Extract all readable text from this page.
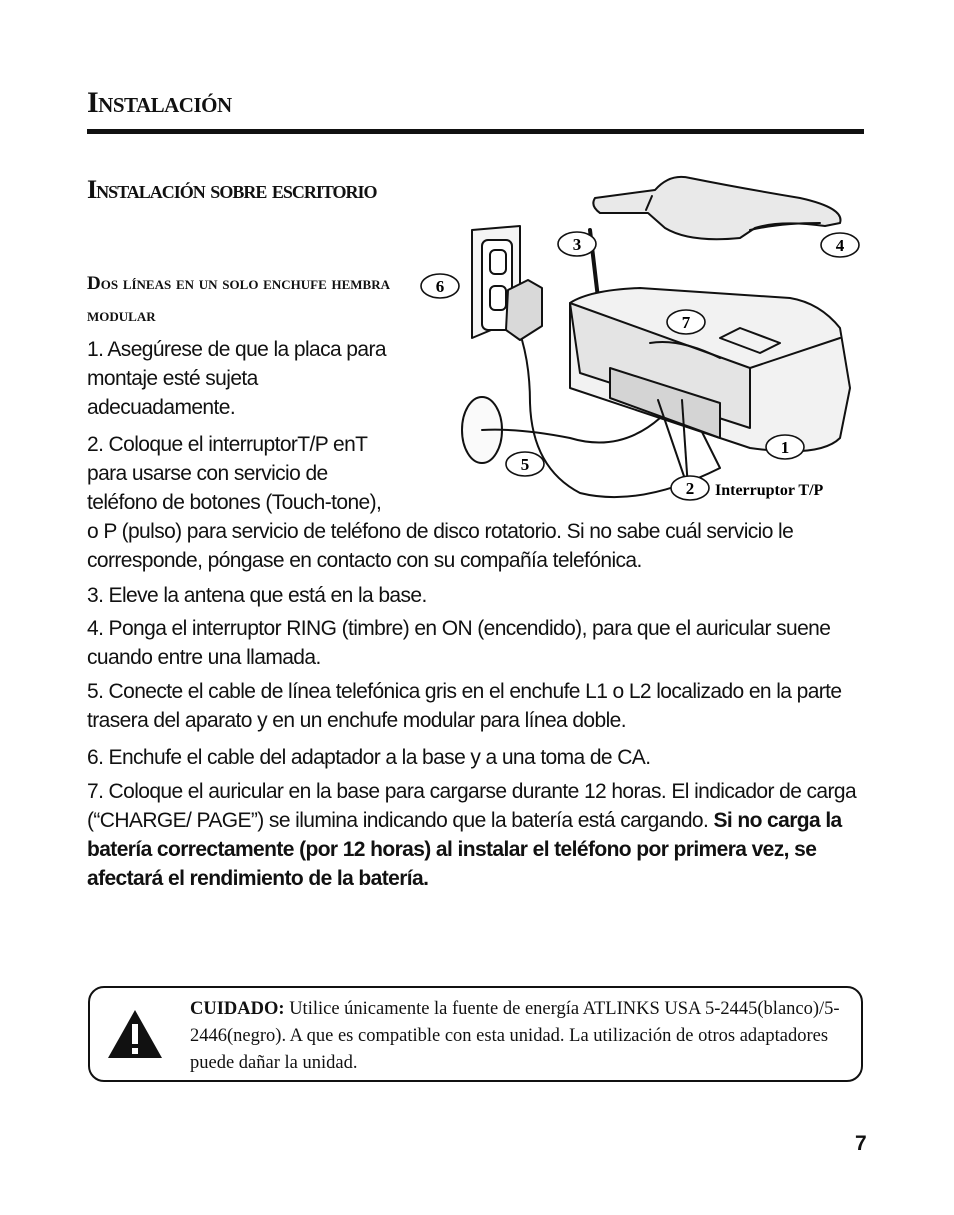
Instalación
Instalación sobre escritorio
Dos líneas en un solo enchufe hembra modular
1. Asegúrese de que la placa para montaje esté sujeta adecuadamente.
2. Coloque el interruptorT/P enT para usarse con servicio de teléfono de botones (Touch-tone), o P (pulso) para servicio de teléfono de disco rotatorio. Si no sabe cuál servicio le corresponde, póngase en contacto con su compañía telefónica.
3. Eleve la antena que está en la base.
4. Ponga el interruptor RING (timbre) en ON (encendido), para que el auricular suene cuando entre una llamada.
5. Conecte el cable de línea telefónica gris en el enchufe L1 o L2 localizado en la parte trasera del aparato y en un enchufe modular para línea doble.
6. Enchufe el cable del adaptador a la base y a una toma de CA.
7. Coloque el auricular en la base para cargarse durante 12 horas. El indicador de carga (“CHARGE/ PAGE”) se ilumina indicando que la batería está cargando. Si no carga la batería correctamente (por 12 horas) al instalar el teléfono por primera vez, se afectará el rendimiento de la batería.
1
2
3	4
5
6
7
Interruptor T/P
CUIDADO: Utilice únicamente la fuente de energía ATLINKS USA 5-2445(blanco)/5-2446(negro). A que es compatible con esta unidad. La utilización de otros adaptadores puede dañar la unidad.
7
